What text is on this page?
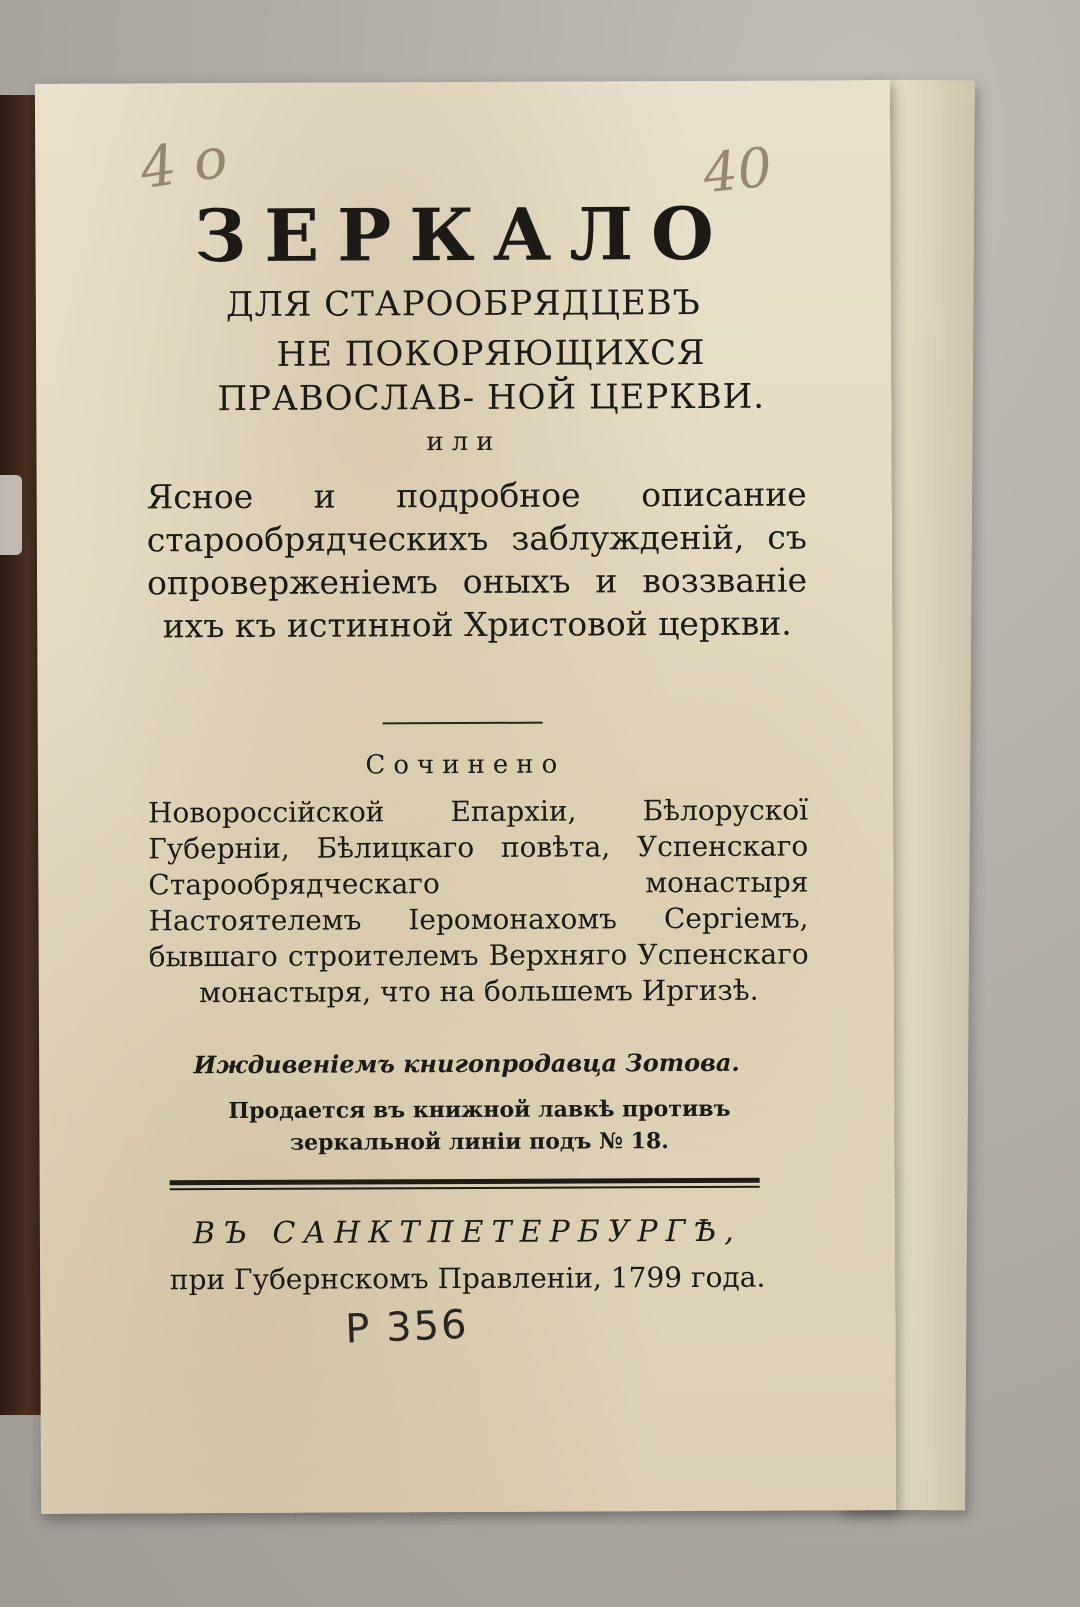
4 o	40
ЗЕРКАЛО
ДЛЯ СТАРООБРЯДЦЕВЪ
НЕ ПОКОРЯЮЩИХСЯ ПРАВОСЛАВ- НОЙ ЦЕРКВИ.
или
Ясное и подробное описание старообрядческихъ заблужденій, съ опроверженіемъ оныхъ и воззваніе ихъ къ истинной Христовой церкви.
Сочинено
Новороссійской Епархіи, Бѣлорускої Губерніи, Бѣлицкаго повѣта, Успенскаго Старообрядческаго монастыря Настоятелемъ Іеромонахомъ Сергіемъ, бывшаго строителемъ Верхняго Успенскаго монастыря, что на большемъ Иргизѣ.
Иждивеніемъ книгопродавца Зотова.
Продается въ книжной лавкѣ противъ зеркальной линіи подъ № 18.
ВЪ САНКТПЕТЕРБУРГѢ,
при Губернскомъ Правленіи, 1799 года.
P 356
